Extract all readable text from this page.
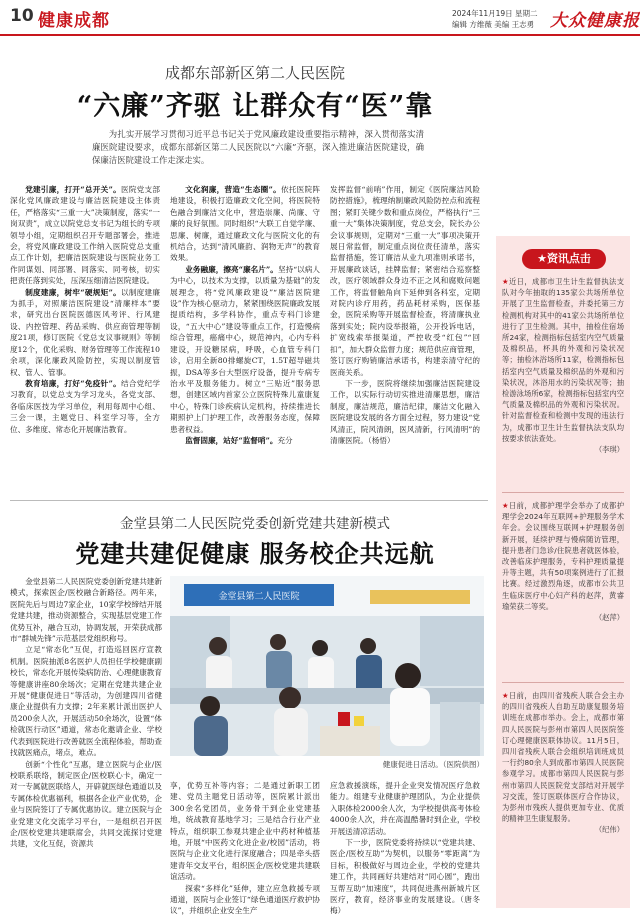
10 健康成都	2024年11月19日 星期二
编辑 方维薇 美编 王志勇 大众健康报
成都东部新区第二人民医院
“六廉”齐驱 让群众有“医”靠
为扎实开展学习贯彻习近平总书记关于党风廉政建设重要指示精神，深入贯彻落实清廉医院建设要求，成都东部新区第二人民医院以“六廉”齐驱，深入推进廉洁医院建设，确保廉洁医院建设工作走深走实。

党建引廉，打开“总开关”。医院党支部深化党风廉政建设与廉洁医院建设主体责任，严格落实“三重一大”决策制度，落实“一岗双责”，成立以院党总支书记为组长的专项领导小组，定期组织召开专题部署会，推进会，将党风廉政建设工作纳入医院党总支重点工作计划，把廉洁医院建设与医院业务工作同谋划、同部署、同落实、同考核，切实把责任落到实处，压深压细清洁医院建设。

制度建廉，树牢“硬规矩”。以制度建廉为抓手，对照廉洁医院建设“清廉样本”要求，研究出台医院医德医风考评、行风建设、内控管理、药品采购、供应商管理等制度21项，修订医院《党总支议事规则》等制度12个，优化采购、财务管理等工作流程10余项，深化廉政风险防控，实现以制度管权、管人、管事。

教育培廉，打好“免疫针”。结合党纪学习教育，以党总支为学习龙头，各党支部、各临床医技为学习单位，利用每周中心组、三会一课，主题党日、科室学习等，全方位、多维度、常态化开展廉洁教育。

文化润廉，营造“生态圈”。依托医院阵地建设，积极打造廉政文化空间，将医院特色融合到廉洁文化中，营造崇廉、尚廉、守廉的良好氛围。同时组织“大联工自觉学廉、思廉、树廉，通过廉政文化与医院文化的有机结合，达到“清风廉韵、润物无声”的教育效果。

业务融廉，擦亮“廉名片”。坚持“以病人为中心，以技术为支撑，以质量为基础”的发展理念，将“党风廉政建设”“廉洁医院建设”作为核心驱动力，紧紧围绕医院廉政发展提质结构，多学科协作，重点专科门诊建设，“五大中心”建设等重点工作，打造慢病综合管理，癌痛中心，规范神内，心内专科建设，开设糖尿病，呼吸，心血管专科门诊，启用全新80排螺旋CT，1.5T超导磁共振，DSA等多台大型医疗设备，提升专病专治水平及服务能力。树立“三贴近”服务思想，创建区域内首家公立医院特殊儿童康复中心，特殊门诊疾病认定机构，持续推进长期照护上门护理工作，改善服务态度，保障患者权益。

监督固廉，站好“监督哨”。充分

发挥监督“前哨”作用，制定《医院廉洁风险防控措施》，梳理纳制廉政风险防控点和流程图；紧盯关键少数和重点岗位，严格执行“三重一大”集体决策制度，党总支会，院长办公会议事规则，定期对“三重一大”事项决策开展日常监督，制定重点岗位责任清单，落实监督措施，签订廉洁从业九项准则承诺书，开展廉政谈话，挂牌监督；紧密结合巡察整改，医疗领域群众身边不正之风和腐败问题工作，将监督触角向下延伸到各科室，定期对院内诊疗用药，药品耗材采购，医保基金，医院采购等开展监督检查，将清廉执业落到实处；院内设举报箱，公开投诉电话，扩宽线索举报渠道，严控收受“红包”“回扣”，加大群众监督力度；规范供应商管理，签订医疗购销廉洁承诺书，构建亲清守纪的医商关系。

下一步，医院将继续加强廉洁医院建设工作，以实际行动切实推进清廉思想，廉洁制度，廉洁规范，廉洁纪律，廉洁文化融入医院建设发展的各方面全过程，努力建设“党风清正，院风清朗，医风清新，行风清明”的清廉医院。（杨悟）

金堂县第二人民医院党委创新党建共建新模式
党建共建促健康 服务校企共远航

金堂县第二人民医院党委创新党建共建新模式，探索医企/医校融合新路径。两年来，医院先后与周边7家企业，10家学校缔结开展党建共建，推动资源整合，实现基层党建工作优势互补，融合互动，协调发展，开荣获成都市“群城先锋”示范基层党组织称号。

立足“常态化”互促，打造巡回医疗宣教机制。医院抽派8名医护人员担任学校健康副校长，常态化开展传染病防治、心理健康教育等健康讲座80余场次；定期在党建共建企业开展“健康促进日”等活动，为创建四川省健康企业提供有力支撑；2年来累计派出医护人员200余人次，开展活动50余场次，设置“体检就医行动区”通道，常态化邀请企业、学校代表到医院进行改善就医全流程体验，帮助查找就医痛点，堵点，难点。

创新“个性化”互惠，建立医院与企业/医校联系联络，制定医企/医校联心卡，确定一对一专属就医联络人，开辟就医绿色通道以及专属体检优惠福利，根据各企业产业优势，企业与医院签订了专属优惠协议。建立医院与企业党建文化交流学习平台，一是组织召开医企/医校党建共建联席会，共同交流探讨党建共建，文化互促，资源共

金堂县第二人民医院
健康促进日活动。（医院供图）

享，优势互补等内容；二是通过新职工团建、党员主题党日活动等，医院累计派出300余名党团员，业务骨干到企业党建基地，统战教育基地学习；三是结合行业产业特点，组织职工参观共建企业中药材种植基地，开展“中医药文化进企业/校园”活动，将医院与企业文化进行深度融合；四是牵头搭建青年交友平台，组织医企/医校党建共建联谊活动。

探索“多样化”延伸，建立应急救援专项通道，医院与企业签订“绿色通道医疗救护协议”，并组织企业安全生产

应急救援演练，提升企业突发情况医疗急救能力。组建专业健康护理团队，为企业提供入职体检2000余人次，为学校提供高考体检4000余人次，并在高温酷暑时到企业，学校开展送清凉活动。

下一步，医院党委将持续以“党建共建、医企/医校互助”为契机，以服务“零距离”为目标，积极做好与周边企业，学校的党建共建工作，共同画好共建结对“同心圆”，跑出互帮互助“加速度”，共同促进燕州新城片区医疗，教育，经济事业的发展建设。（唐冬梅）

★资讯点击
★近日，成都市卫生计生监督执法支队对今年抽取的135家公共场所单位开展了卫生监督检查，并委托第三方检测机构对其中的41家公共场所单位进行了卫生检测。其中，抽检住宿场所24家，检测指标包括室内空气质量及棉织品，杯具的外观和污染状况等；抽检沐浴场所11家，检测指标包括室内空气质量及棉织品的外观和污染状况，沐浴用水的污染状况等；抽检游泳场所6家，检测指标包括室内空气质量及棉织品的外观和污染状况。针对监督检查和检测中发现的违法行为，成都市卫生计生监督执法支队均按要求依法查处。
（李琪）
★日前，成都护理学会举办了成都护理学会2024年互联网+护理服务学术年会。会议围绕互联网+护理服务创新开展，延续护理与慢病随访管理，提升患者门急诊/住院患者就医体验，改善临床护理服务，专科护理质量提升等主题，共有50项案例进行了汇报比赛。经过激烈角逐，成都市公共卫生临床医疗中心妇产科的赵萍，黄睿瑜荣获二等奖。
（赵萍）
★日前，由四川省残疾人联合会主办的四川省残疾人自助互助康复服务培训班在成都市举办。会上，成都市第四人民医院与彭州市第四人民医院签订心理健康医联体协议。11月5日，四川省残疾人联合会组织培训班成员一行约80余人到成都市第四人民医院参观学习。成都市第四人民医院与彭州市第四人民医院党支部结对开展学习交流，签订医联体医疗合作协议，为彭州市残疾人提供更加专业、优质的精神卫生康复服务。
（纪伟）
